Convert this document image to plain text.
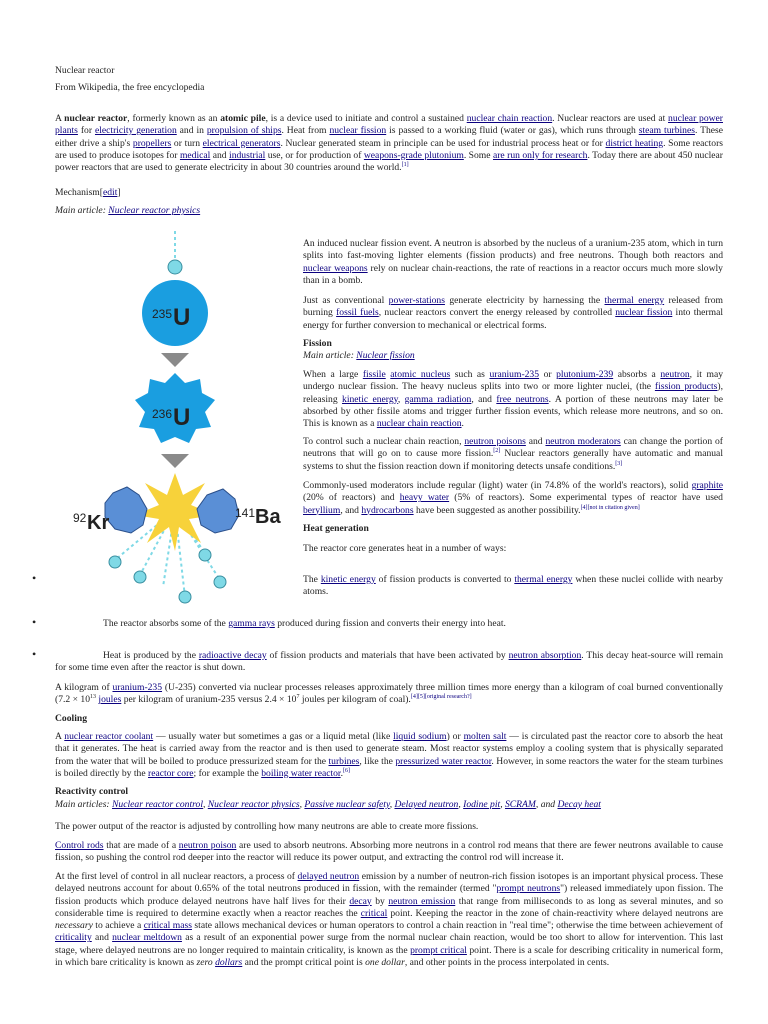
Nuclear reactor
From Wikipedia, the free encyclopedia
A nuclear reactor, formerly known as an atomic pile, is a device used to initiate and control a sustained nuclear chain reaction. Nuclear reactors are used at nuclear power plants for electricity generation and in propulsion of ships. Heat from nuclear fission is passed to a working fluid (water or gas), which runs through steam turbines. These either drive a ship's propellers or turn electrical generators. Nuclear generated steam in principle can be used for industrial process heat or for district heating. Some reactors are used to produce isotopes for medical and industrial use, or for production of weapons-grade plutonium. Some are run only for research. Today there are about 450 nuclear power reactors that are used to generate electricity in about 30 countries around the world.[1]
Mechanism[edit]
Main article: Nuclear reactor physics
235 U
236 U
92 Kr	141 Ba
An induced nuclear fission event. A neutron is absorbed by the nucleus of a uranium-235 atom, which in turn splits into fast-moving lighter elements (fission products) and free neutrons. Though both reactors and nuclear weapons rely on nuclear chain-reactions, the rate of reactions in a reactor occurs much more slowly than in a bomb.
Just as conventional power-stations generate electricity by harnessing the thermal energy released from burning fossil fuels, nuclear reactors convert the energy released by controlled nuclear fission into thermal energy for further conversion to mechanical or electrical forms.
Fission
Main article: Nuclear fission
When a large fissile atomic nucleus such as uranium-235 or plutonium-239 absorbs a neutron, it may undergo nuclear fission. The heavy nucleus splits into two or more lighter nuclei, (the fission products), releasing kinetic energy, gamma radiation, and free neutrons. A portion of these neutrons may later be absorbed by other fissile atoms and trigger further fission events, which release more neutrons, and so on. This is known as a nuclear chain reaction.
To control such a nuclear chain reaction, neutron poisons and neutron moderators can change the portion of neutrons that will go on to cause more fission.[2] Nuclear reactors generally have automatic and manual systems to shut the fission reaction down if monitoring detects unsafe conditions.[3]
Commonly-used moderators include regular (light) water (in 74.8% of the world's reactors), solid graphite (20% of reactors) and heavy water (5% of reactors). Some experimental types of reactor have used beryllium, and hydrocarbons have been suggested as another possibility.[4][not in citation given]
Heat generation
The reactor core generates heat in a number of ways:
•	The kinetic energy of fission products is converted to thermal energy when these nuclei collide with nearby atoms.
•	The reactor absorbs some of the gamma rays produced during fission and converts their energy into heat.
•	Heat is produced by the radioactive decay of fission products and materials that have been activated by neutron absorption. This decay heat-source will remain for some time even after the reactor is shut down.
A kilogram of uranium-235 (U-235) converted via nuclear processes releases approximately three million times more energy than a kilogram of coal burned conventionally ($7.2 \times 10^{13}$ joules per kilogram of uranium-235 versus $2.4 \times 10^7$ joules per kilogram of coal).[4][5][original research?]
Cooling
A nuclear reactor coolant — usually water but sometimes a gas or a liquid metal (like liquid sodium) or molten salt — is circulated past the reactor core to absorb the heat that it generates. The heat is carried away from the reactor and is then used to generate steam. Most reactor systems employ a cooling system that is physically separated from the water that will be boiled to produce pressurized steam for the turbines, like the pressurized water reactor. However, in some reactors the water for the steam turbines is boiled directly by the reactor core; for example the boiling water reactor.[6]
Reactivity control
Main articles: Nuclear reactor control, Nuclear reactor physics, Passive nuclear safety, Delayed neutron, Iodine pit, SCRAM, and Decay heat
The power output of the reactor is adjusted by controlling how many neutrons are able to create more fissions.
Control rods that are made of a neutron poison are used to absorb neutrons. Absorbing more neutrons in a control rod means that there are fewer neutrons available to cause fission, so pushing the control rod deeper into the reactor will reduce its power output, and extracting the control rod will increase it.
At the first level of control in all nuclear reactors, a process of delayed neutron emission by a number of neutron-rich fission isotopes is an important physical process. These delayed neutrons account for about 0.65% of the total neutrons produced in fission, with the remainder (termed "prompt neutrons") released immediately upon fission. The fission products which produce delayed neutrons have half lives for their decay by neutron emission that range from milliseconds to as long as several minutes, and so considerable time is required to determine exactly when a reactor reaches the critical point. Keeping the reactor in the zone of chain-reactivity where delayed neutrons are necessary to achieve a critical mass state allows mechanical devices or human operators to control a chain reaction in "real time"; otherwise the time between achievement of criticality and nuclear meltdown as a result of an exponential power surge from the normal nuclear chain reaction, would be too short to allow for intervention. This last stage, where delayed neutrons are no longer required to maintain criticality, is known as the prompt critical point. There is a scale for describing criticality in numerical form, in which bare criticality is known as zero dollars and the prompt critical point is one dollar, and other points in the process interpolated in cents.
